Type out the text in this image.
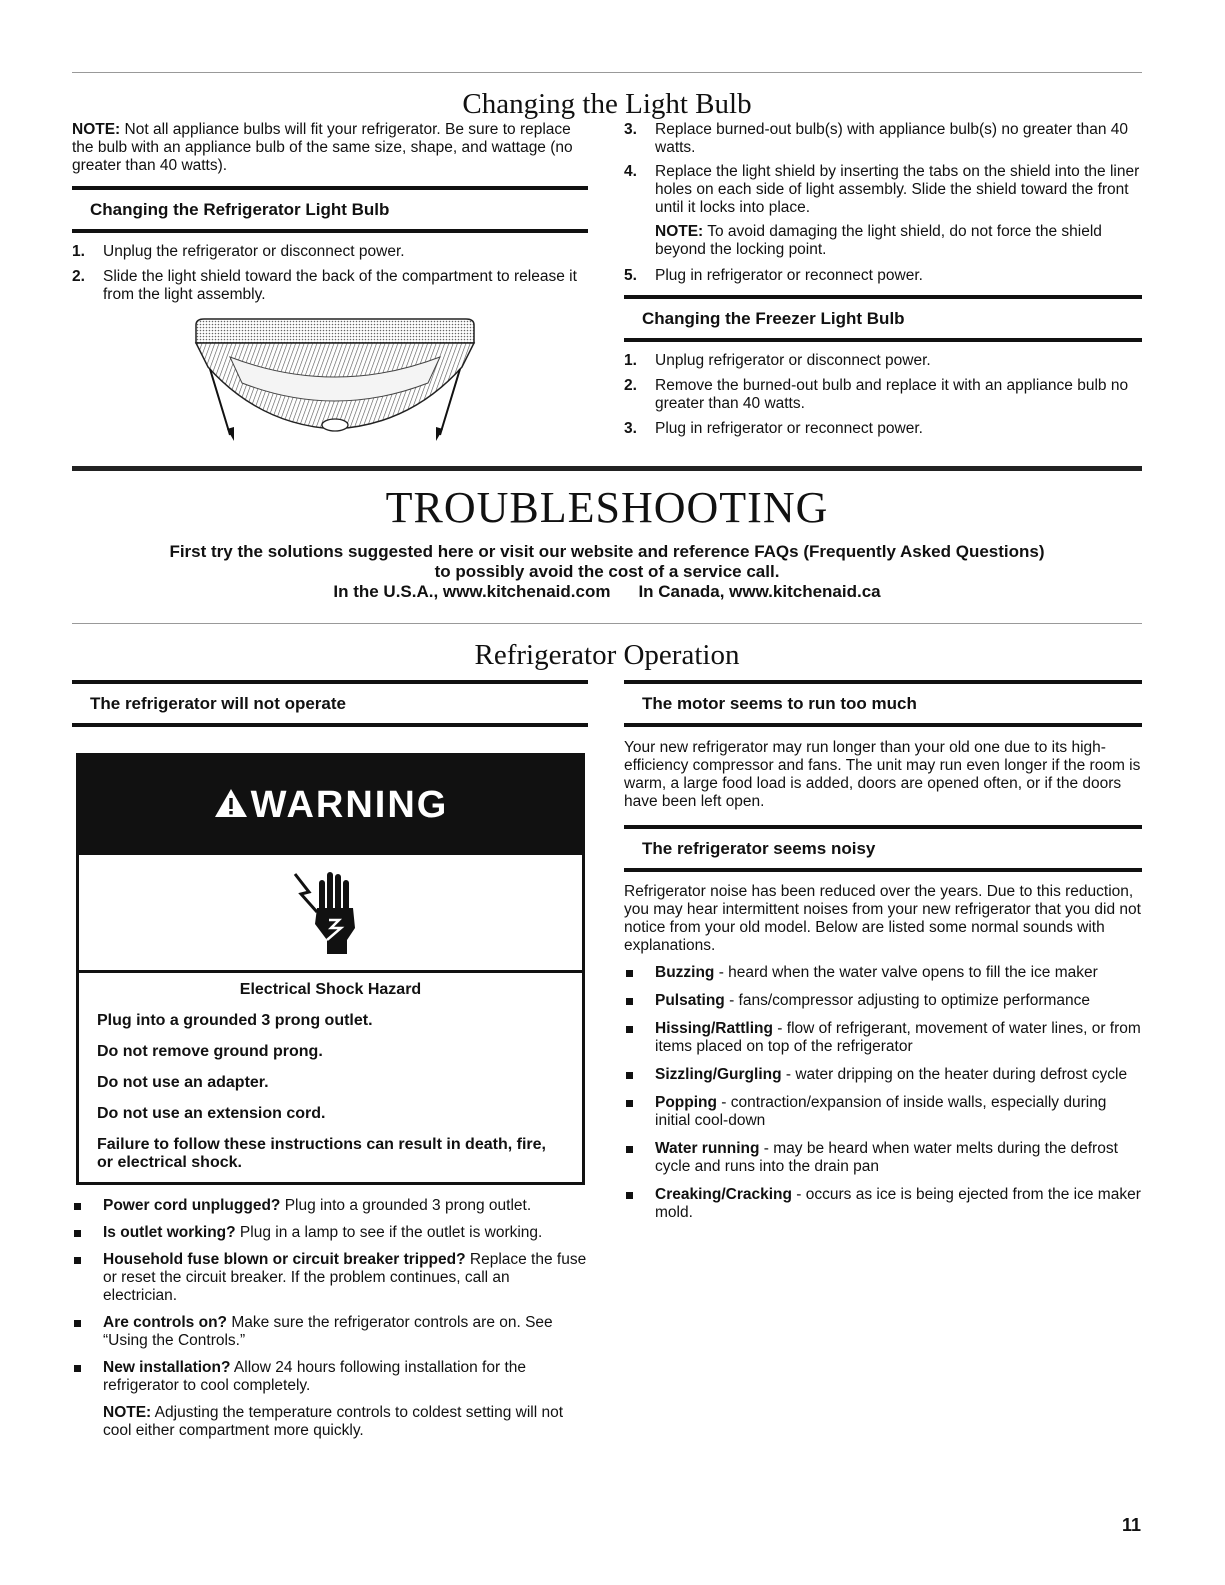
Changing the Light Bulb

NOTE: Not all appliance bulbs will fit your refrigerator. Be sure to replace the bulb with an appliance bulb of the same size, shape, and wattage (no greater than 40 watts).

Changing the Refrigerator Light Bulb
1. Unplug the refrigerator or disconnect power.
2. Slide the light shield toward the back of the compartment to release it from the light assembly.
3. Replace burned-out bulb(s) with appliance bulb(s) no greater than 40 watts.
4. Replace the light shield by inserting the tabs on the shield into the liner holes on each side of light assembly. Slide the shield toward the front until it locks into place.

NOTE: To avoid damaging the light shield, do not force the shield beyond the locking point.

5. Plug in refrigerator or reconnect power.
Changing the Freezer Light Bulb
1. Unplug refrigerator or disconnect power.
2. Remove the burned-out bulb and replace it with an appliance bulb no greater than 40 watts.
3. Plug in refrigerator or reconnect power.
TROUBLESHOOTING

First try the solutions suggested here or visit our website and reference FAQs (Frequently Asked Questions)

to possibly avoid the cost of a service call.

In the U.S.A., www.kitchenaid.com In Canada, www.kitchenaid.ca

Refrigerator Operation
The refrigerator will not operate
WARNING

Electrical Shock Hazard

Plug into a grounded 3 prong outlet.

Do not remove ground prong.

Do not use an adapter.

Do not use an extension cord.

Failure to follow these instructions can result in death, fire, or electrical shock.

Power cord unplugged? Plug into a grounded 3 prong outlet.
Is outlet working? Plug in a lamp to see if the outlet is working.
Household fuse blown or circuit breaker tripped? Replace the fuse or reset the circuit breaker. If the problem continues, call an electrician.
Are controls on? Make sure the refrigerator controls are on. See “Using the Controls.”
New installation? Allow 24 hours following installation for the refrigerator to cool completely.

NOTE: Adjusting the temperature controls to coldest setting will not cool either compartment more quickly.

The motor seems to run too much

Your new refrigerator may run longer than your old one due to its high-efficiency compressor and fans. The unit may run even longer if the room is warm, a large food load is added, doors are opened often, or if the doors have been left open.

The refrigerator seems noisy

Refrigerator noise has been reduced over the years. Due to this reduction, you may hear intermittent noises from your new refrigerator that you did not notice from your old model. Below are listed some normal sounds with explanations.

Buzzing - heard when the water valve opens to fill the ice maker
Pulsating - fans/compressor adjusting to optimize performance
Hissing/Rattling - flow of refrigerant, movement of water lines, or from items placed on top of the refrigerator
Sizzling/Gurgling - water dripping on the heater during defrost cycle
Popping - contraction/expansion of inside walls, especially during initial cool-down
Water running - may be heard when water melts during the defrost cycle and runs into the drain pan
Creaking/Cracking - occurs as ice is being ejected from the ice maker mold.
11
